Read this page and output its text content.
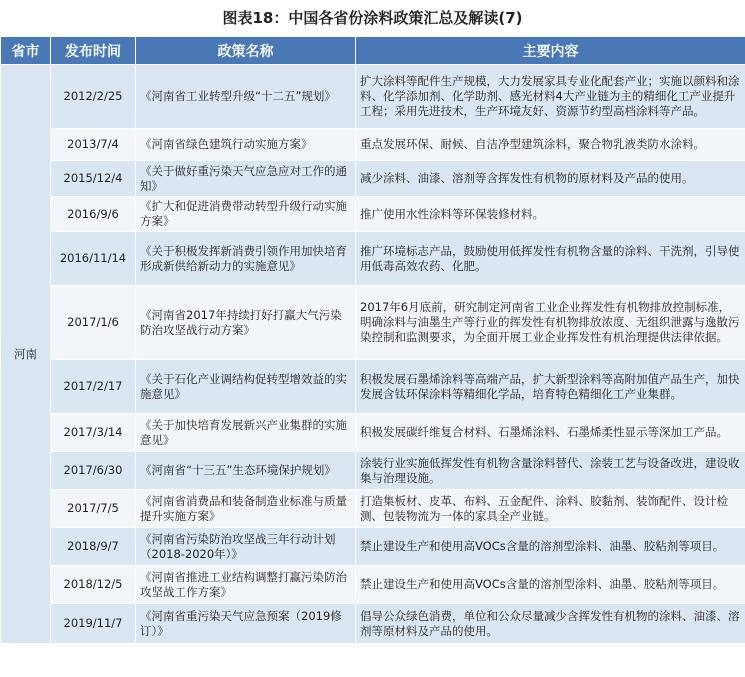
图表18：中国各省份涂料政策汇总及解读(7)
省市	发布时间	政策名称	主要内容
河南	2012/2/25	《河南省工业转型升级“十二五”规划》	扩大涂料等配件生产规模，大力发展家具专业化配套产业；实施以颜料和涂料、化学添加剂、化学助剂、感光材料4大产业链为主的精细化工产业提升工程；采用先进技术，生产环境友好、资源节约型高档涂料等产品。
	2013/7/4	《河南省绿色建筑行动实施方案》	重点发展环保、耐候、自洁净型建筑涂料，聚合物乳液类防水涂料。
	2015/12/4	《关于做好重污染天气应急应对工作的通知》	减少涂料、油漆、溶剂等含挥发性有机物的原材料及产品的使用。
	2016/9/6	《扩大和促进消费带动转型升级行动实施方案》	推广使用水性涂料等环保装修材料。
	2016/11/14	《关于积极发挥新消费引领作用加快培育形成新供给新动力的实施意见》	推广环境标志产品，鼓励使用低挥发性有机物含量的涂料、干洗剂，引导使用低毒高效农药、化肥。
	2017/1/6	《河南省2017年持续打好打赢大气污染防治攻坚战行动方案》	2017年6月底前，研究制定河南省工业企业挥发性有机物排放控制标准，明确涂料与油墨生产等行业的挥发性有机物排放浓度、无组织泄露与逸散污染控制和监测要求，为全面开展工业企业挥发性有机治理提供法律依据。
	2017/2/17	《关于石化产业调结构促转型增效益的实施意见》	积极发展石墨烯涂料等高端产品，扩大新型涂料等高附加值产品生产，加快发展含钛环保涂料等精细化学品，培育特色精细化工产业集群。
	2017/3/14	《关于加快培育发展新兴产业集群的实施意见》	积极发展碳纤维复合材料、石墨烯涂料、石墨烯柔性显示等深加工产品。
	2017/6/30	《河南省“十三五”生态环境保护规划》	涂装行业实施低挥发性有机物含量涂料替代、涂装工艺与设备改进，建设收集与治理设施。
	2017/7/5	《河南省消费品和装备制造业标准与质量提升实施方案》	打造集板材、皮革、布料、五金配件、涂料、胶黏剂、装饰配件、设计检测、包装物流为一体的家具全产业链。
	2018/9/7	《河南省污染防治攻坚战三年行动计划（2018-2020年）》	禁止建设生产和使用高VOCs含量的溶剂型涂料、油墨、胶粘剂等项目。
	2018/12/5	《河南省推进工业结构调整打赢污染防治攻坚战工作方案》	禁止建设生产和使用高VOCs含量的溶剂型涂料、油墨、胶粘剂等项目。
	2019/11/7	《河南省重污染天气应急预案（2019修订）》	倡导公众绿色消费，单位和公众尽量减少含挥发性有机物的涂料、油漆、溶剂等原材料及产品的使用。
